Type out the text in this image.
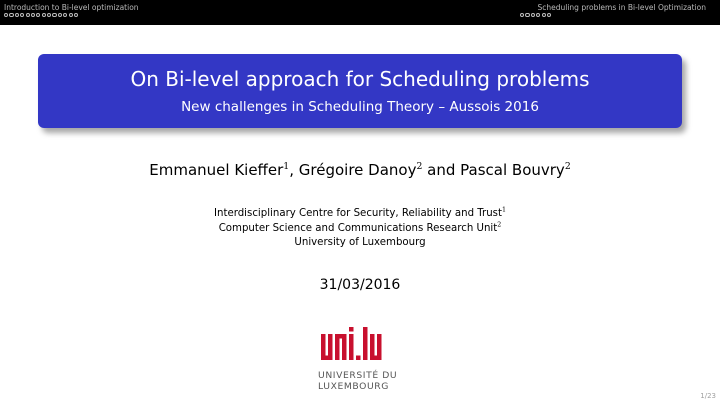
Introduction to Bi-level optimization	Scheduling problems in Bi-level Optimization
On Bi-level approach for Scheduling problems
New challenges in Scheduling Theory – Aussois 2016
Emmanuel Kieffer$^1$, Grégoire Danoy$^2$ and Pascal Bouvry$^2$
Interdisciplinary Centre for Security, Reliability and Trust$^1$
Computer Science and Communications Research Unit$^2$
University of Luxembourg
31/03/2016
UNIVERSITÉ DU
LUXEMBOURG
1/23
